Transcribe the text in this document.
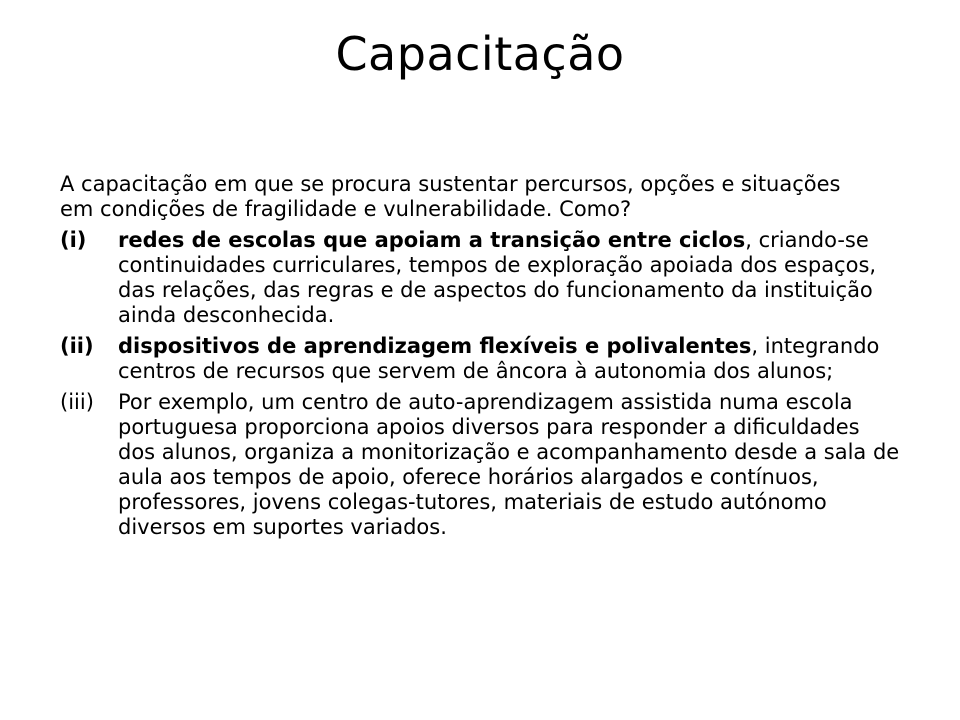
Capacitação

A capacitação em que se procura sustentar percursos, opções e situações em condições de fragilidade e vulnerabilidade. Como?

(i)	redes de escolas que apoiam a transição entre ciclos, criando-se continuidades curriculares, tempos de exploração apoiada dos espaços, das relações, das regras e de aspectos do funcionamento da instituição ainda desconhecida.
(ii)	dispositivos de aprendizagem flexíveis e polivalentes, integrando centros de recursos que servem de âncora à autonomia dos alunos;
(iii)	Por exemplo, um centro de auto-aprendizagem assistida numa escola portuguesa proporciona apoios diversos para responder a dificuldades dos alunos, organiza a monitorização e acompanhamento desde a sala de aula aos tempos de apoio, oferece horários alargados e contínuos, professores, jovens colegas-tutores, materiais de estudo autónomo diversos em suportes variados.
